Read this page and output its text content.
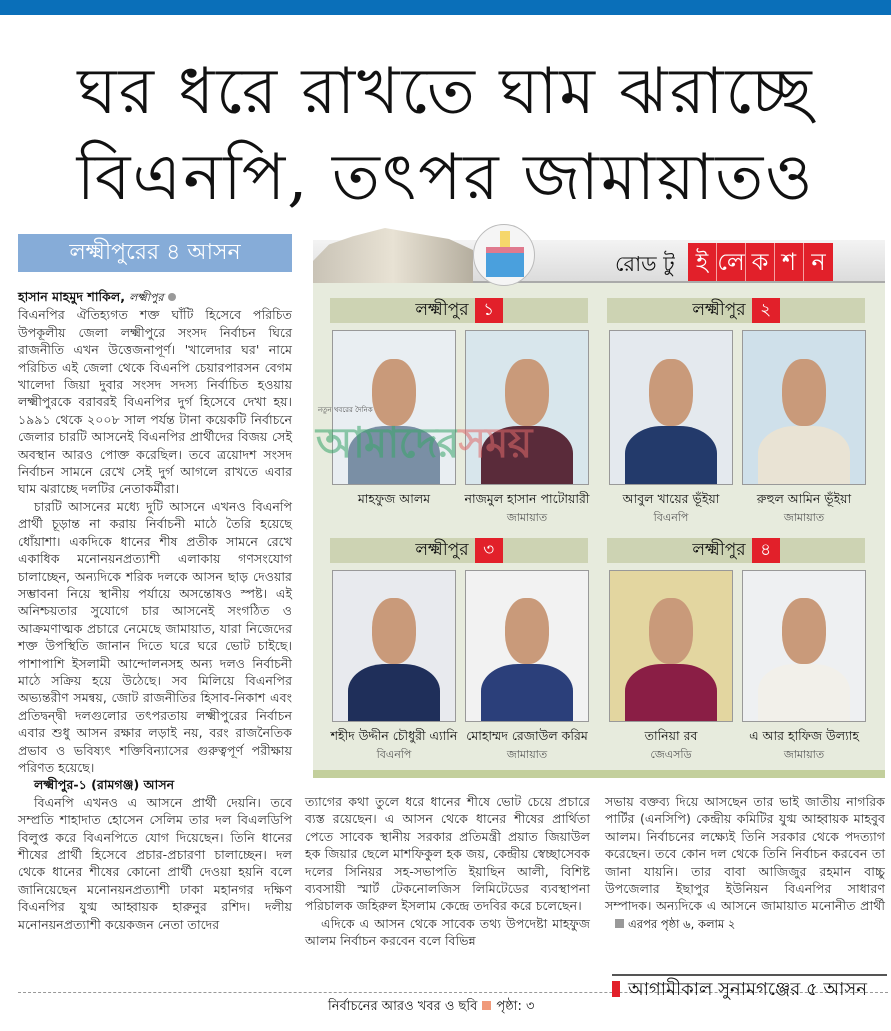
ঘর ধরে রাখতে ঘাম ঝরাচ্ছে
বিএনপি, তৎপর জামায়াতও
লক্ষ্মীপুরের ৪ আসন

হাসান মাহমুদ শাকিল, লক্ষ্মীপুর

বিএনপির ঐতিহ্যগত শক্ত ঘাঁটি হিসেবে পরিচিত উপকূলীয় জেলা লক্ষ্মীপুরে সংসদ নির্বাচন ঘিরে রাজনীতি এখন উত্তেজনাপূর্ণ। 'খালেদার ঘর' নামে পরিচিত এই জেলা থেকে বিএনপি চেয়ারপারসন বেগম খালেদা জিয়া দুবার সংসদ সদস্য নির্বাচিত হওয়ায় লক্ষ্মীপুরকে বরাবরই বিএনপির দুর্গ হিসেবে দেখা হয়। ১৯৯১ থেকে ২০০৮ সাল পর্যন্ত টানা কয়েকটি নির্বাচনে জেলার চারটি আসনেই বিএনপির প্রার্থীদের বিজয় সেই অবস্থান আরও পোক্ত করেছিল। তবে ত্রয়োদশ সংসদ নির্বাচন সামনে রেখে সেই দুর্গ আগলে রাখতে এবার ঘাম ঝরাচ্ছে দলটির নেতাকর্মীরা।

চারটি আসনের মধ্যে দুটি আসনে এখনও বিএনপি প্রার্থী চূড়ান্ত না করায় নির্বাচনী মাঠে তৈরি হয়েছে ধোঁয়াশা। একদিকে ধানের শীষ প্রতীক সামনে রেখে একাধিক মনোনয়নপ্রত্যাশী এলাকায় গণসংযোগ চালাচ্ছেন, অন্যদিকে শরিক দলকে আসন ছাড় দেওয়ার সম্ভাবনা নিয়ে স্থানীয় পর্যায়ে অসন্তোষও স্পষ্ট। এই অনিশ্চয়তার সুযোগে চার আসনেই সংগঠিত ও আক্রমণাত্মক প্রচারে নেমেছে জামায়াত, যারা নিজেদের শক্ত উপস্থিতি জানান দিতে ঘরে ঘরে ভোট চাইছে। পাশাপাশি ইসলামী আন্দোলনসহ অন্য দলও নির্বাচনী মাঠে সক্রিয় হয়ে উঠেছে। সব মিলিয়ে বিএনপির অভ্যন্তরীণ সমন্বয়, জোট রাজনীতির হিসাব-নিকাশ এবং প্রতিদ্বন্দ্বী দলগুলোর তৎপরতায় লক্ষ্মীপুরের নির্বাচন এবার শুধু আসন রক্ষার লড়াই নয়, বরং রাজনৈতিক প্রভাব ও ভবিষ্যৎ শক্তিবিন্যাসের গুরুত্বপূর্ণ পরীক্ষায় পরিণত হয়েছে।

লক্ষ্মীপুর-১ (রামগঞ্জ) আসন

বিএনপি এখনও এ আসনে প্রার্থী দেয়নি। তবে সম্প্রতি শাহাদাত হোসেন সেলিম তার দল বিএলডিপি বিলুপ্ত করে বিএনপিতে যোগ দিয়েছেন। তিনি ধানের শীষের প্রার্থী হিসেবে প্রচার-প্রচারণা চালাচ্ছেন। দল থেকে ধানের শীষের কোনো প্রার্থী দেওয়া হয়নি বলে জানিয়েছেন মনোনয়নপ্রত্যাশী ঢাকা মহানগর দক্ষিণ বিএনপির যুগ্ম আহ্বায়ক হারুনুর রশিদ। দলীয় মনোনয়নপ্রত্যাশী কয়েকজন নেতা তাদের

রোড টু ই লে ক শ ন
লক্ষ্মীপুর ১
মাহফুজ আলম	নাজমুল হাসান পাটোয়ারী
জামায়াত
লক্ষ্মীপুর ২
আবুল খায়ের ভূঁইয়া
বিএনপি
রুহুল আমিন ভূঁইয়া
জামায়াত
লক্ষ্মীপুর ৩
শহীদ উদ্দীন চৌধুরী এ্যানি
বিএনপি
মোহাম্মদ রেজাউল করিম
জামায়াত
লক্ষ্মীপুর ৪
তানিয়া রব
জেএসডি
এ আর হাফিজ উল্যাহ
জামায়াত
নতুন খবরের দৈনিক
আমাদেরসময়

ত্যাগের কথা তুলে ধরে ধানের শীষে ভোট চেয়ে প্রচারে ব্যস্ত রয়েছেন। এ আসন থেকে ধানের শীষের প্রার্থিতা পেতে সাবেক স্থানীয় সরকার প্রতিমন্ত্রী প্রয়াত জিয়াউল হক জিয়ার ছেলে মাশফিকুল হক জয়, কেন্দ্রীয় স্বেচ্ছাসেবক দলের সিনিয়র সহ-সভাপতি ইয়াছিন আলী, বিশিষ্ট ব্যবসায়ী স্মার্ট টেকনোলজিস লিমিটেডের ব্যবস্থাপনা পরিচালক জহিরুল ইসলাম কেন্দ্রে তদবির করে চলেছেন।

এদিকে এ আসন থেকে সাবেক তথ্য উপদেষ্টা মাহফুজ আলম নির্বাচন করবেন বলে বিভিন্ন

সভায় বক্তব্য দিয়ে আসছেন তার ভাই জাতীয় নাগরিক পার্টির (এনসিপি) কেন্দ্রীয় কমিটির যুগ্ম আহ্বায়ক মাহবুব আলম। নির্বাচনের লক্ষ্যেই তিনি সরকার থেকে পদত্যাগ করেছেন। তবে কোন দল থেকে তিনি নির্বাচন করবেন তা জানা যায়নি। তার বাবা আজিজুর রহমান বাচ্চু উপজেলার ইছাপুর ইউনিয়ন বিএনপির সাধারণ সম্পাদক। অন্যদিকে এ আসনে জামায়াত মনোনীত প্রার্থীএরপর পৃষ্ঠা ৬, কলাম ২

আগামীকাল সুনামগঞ্জের ৫ আসন
নির্বাচনের আরও খবর ও ছবি পৃষ্ঠা: ৩
